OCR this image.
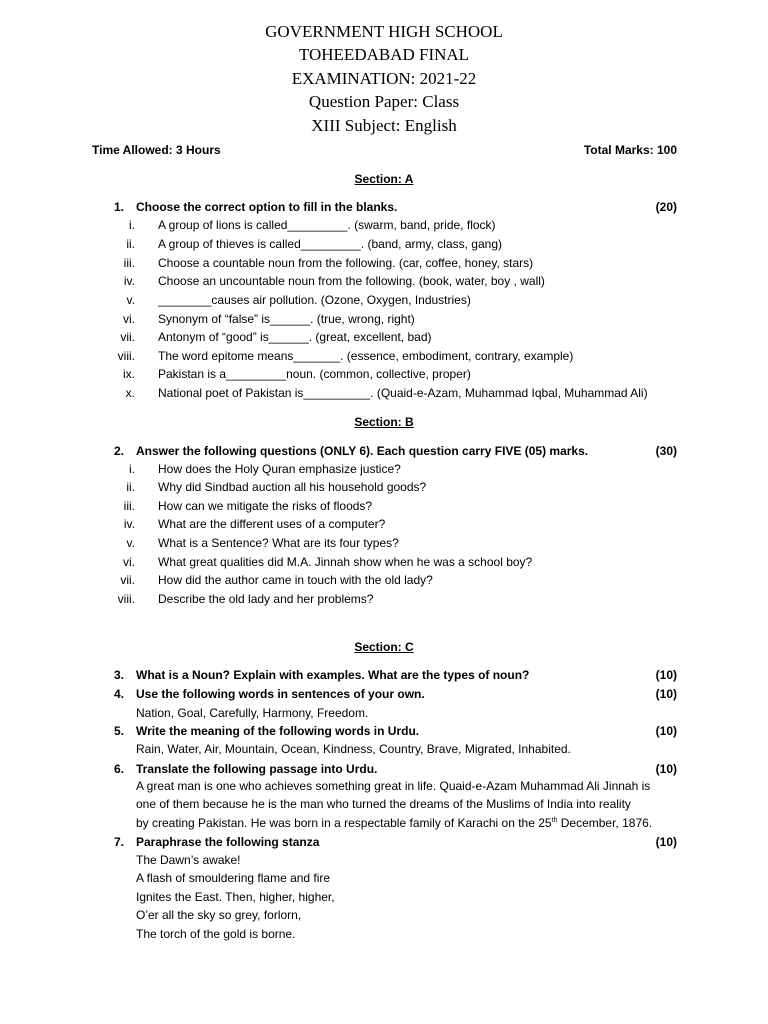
GOVERNMENT HIGH SCHOOL
TOHEEDABAD FINAL
EXAMINATION: 2021-22
Question Paper: Class
XIII Subject: English
Time Allowed: 3 Hours	Total Marks: 100
Section: A
1. Choose the correct option to fill in the blanks.	(20)
i. A group of lions is called_________. (swarm, band, pride, flock)
ii. A group of thieves is called_________. (band, army, class, gang)
iii. Choose a countable noun from the following. (car, coffee, honey, stars)
iv. Choose an uncountable noun from the following. (book, water, boy , wall)
v. ________causes air pollution. (Ozone, Oxygen, Industries)
vi. Synonym of “false” is______. (true, wrong, right)
vii. Antonym of “good” is______. (great, excellent, bad)
viii. The word epitome means_______. (essence, embodiment, contrary, example)
ix. Pakistan is a_________noun. (common, collective, proper)
x. National poet of Pakistan is__________. (Quaid-e-Azam, Muhammad Iqbal, Muhammad Ali)
Section: B
2. Answer the following questions (ONLY 6). Each question carry FIVE (05) marks.	(30)
i. How does the Holy Quran emphasize justice?
ii. Why did Sindbad auction all his household goods?
iii. How can we mitigate the risks of floods?
iv. What are the different uses of a computer?
v. What is a Sentence? What are its four types?
vi. What great qualities did M.A. Jinnah show when he was a school boy?
vii. How did the author came in touch with the old lady?
viii. Describe the old lady and her problems?
Section: C
3. What is a Noun? Explain with examples. What are the types of noun?	(10)
4. Use the following words in sentences of your own.	(10)
Nation, Goal, Carefully, Harmony, Freedom.
5. Write the meaning of the following words in Urdu.	(10)
Rain, Water, Air, Mountain, Ocean, Kindness, Country, Brave, Migrated, Inhabited.
6. Translate the following passage into Urdu.	(10)
A great man is one who achieves something great in life. Quaid-e-Azam Muhammad Ali Jinnah is
one of them because he is the man who turned the dreams of the Muslims of India into reality
by creating Pakistan. He was born in a respectable family of Karachi on the 25th December, 1876.
7. Paraphrase the following stanza	(10)
The Dawn’s awake!
A flash of smouldering flame and fire
Ignites the East. Then, higher, higher,
O’er all the sky so grey, forlorn,
The torch of the gold is borne.
